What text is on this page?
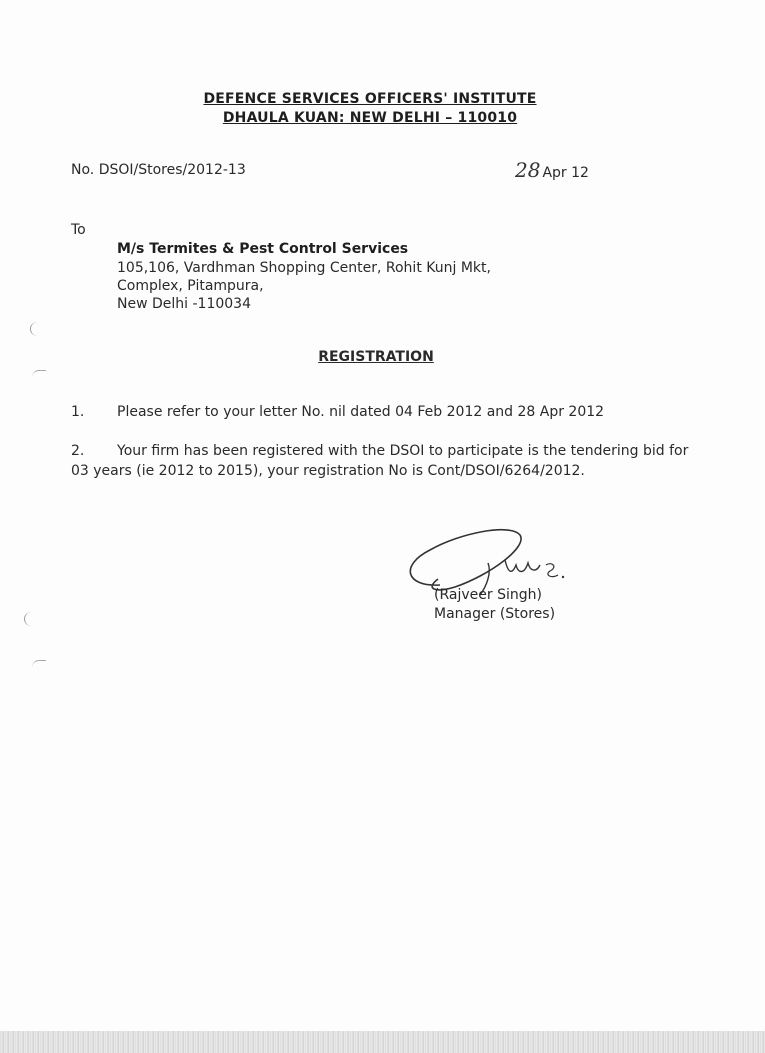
DEFENCE SERVICES OFFICERS' INSTITUTE
DHAULA KUAN: NEW DELHI – 110010
No. DSOI/Stores/2012-13	28 Apr 12
To
M/s Termites & Pest Control Services
105,106, Vardhman Shopping Center, Rohit Kunj Mkt,
Complex, Pitampura,
New Delhi -110034
REGISTRATION
1. Please refer to your letter No. nil dated 04 Feb 2012 and 28 Apr 2012
2. Your firm has been registered with the DSOI to participate is the tendering bid for
03 years (ie 2012 to 2015), your registration No is Cont/DSOI/6264/2012.
(Rajveer Singh)
Manager (Stores)
